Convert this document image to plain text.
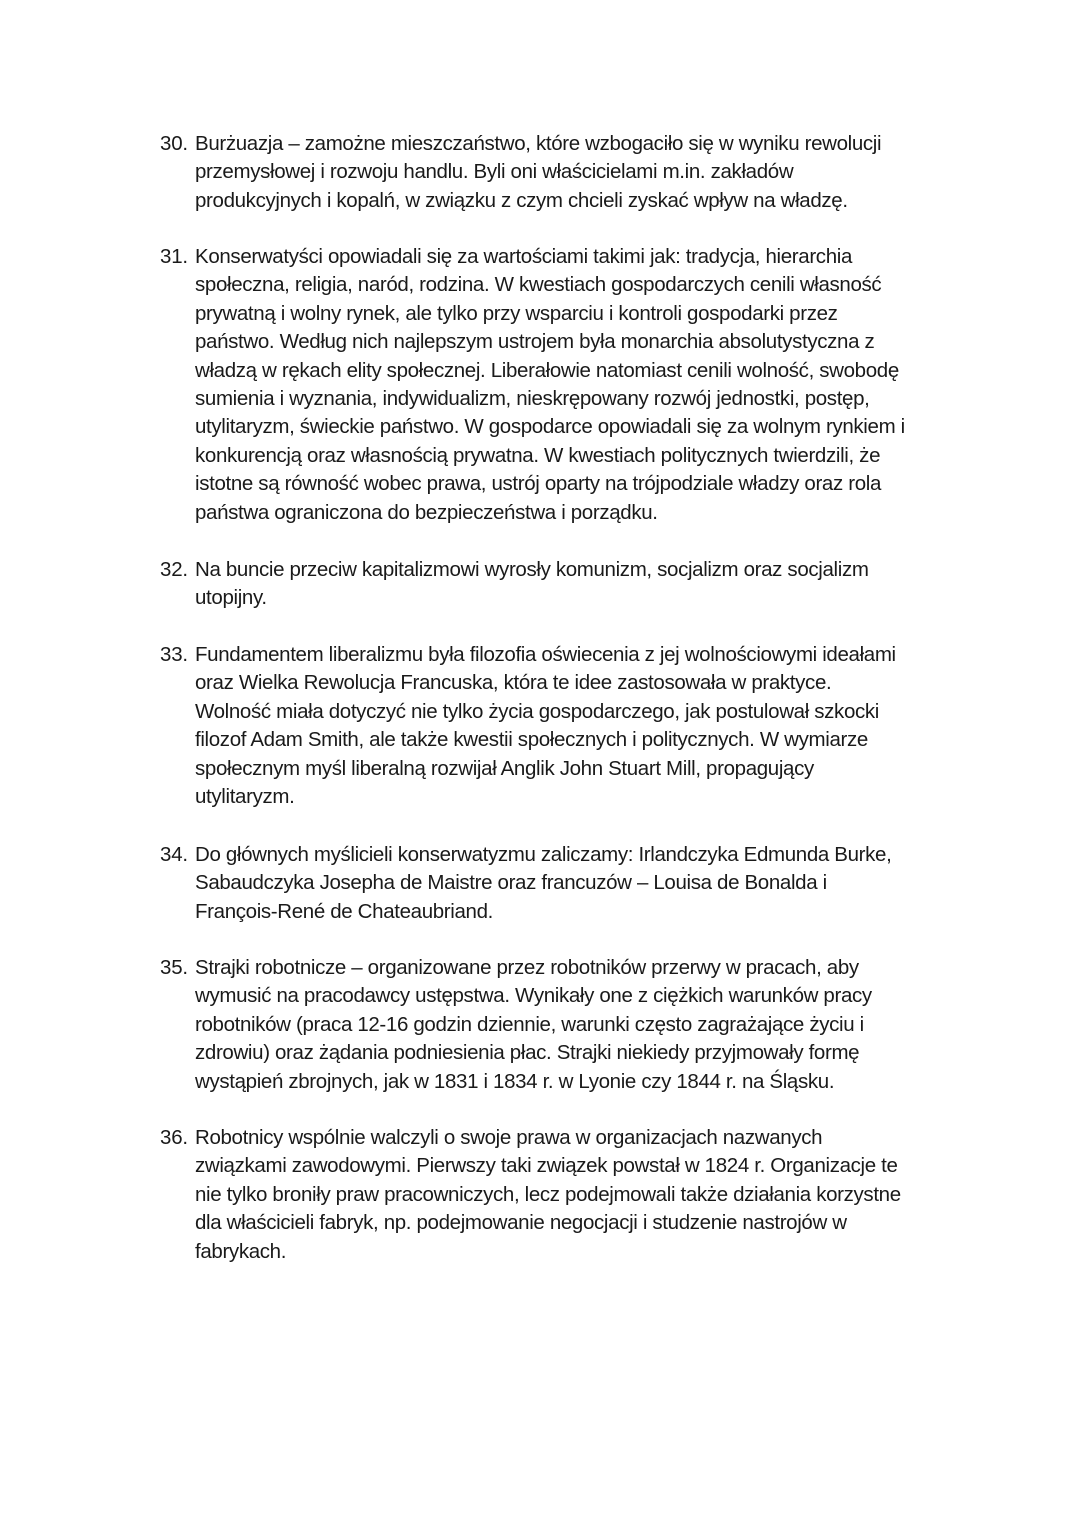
30. Burżuazja – zamożne mieszczaństwo, które wzbogaciło się w wyniku rewolucji
przemysłowej i rozwoju handlu. Byli oni właścicielami m.in. zakładów
produkcyjnych i kopalń, w związku z czym chcieli zyskać wpływ na władzę.
31. Konserwatyści opowiadali się za wartościami takimi jak: tradycja, hierarchia
społeczna, religia, naród, rodzina. W kwestiach gospodarczych cenili własność
prywatną i wolny rynek, ale tylko przy wsparciu i kontroli gospodarki przez
państwo. Według nich najlepszym ustrojem była monarchia absolutystyczna z
władzą w rękach elity społecznej. Liberałowie natomiast cenili wolność, swobodę
sumienia i wyznania, indywidualizm, nieskrępowany rozwój jednostki, postęp,
utylitaryzm, świeckie państwo. W gospodarce opowiadali się za wolnym rynkiem i
konkurencją oraz własnością prywatna. W kwestiach politycznych twierdzili, że
istotne są równość wobec prawa, ustrój oparty na trójpodziale władzy oraz rola
państwa ograniczona do bezpieczeństwa i porządku.
32. Na buncie przeciw kapitalizmowi wyrosły komunizm, socjalizm oraz socjalizm
utopijny.
33. Fundamentem liberalizmu była filozofia oświecenia z jej wolnościowymi ideałami
oraz Wielka Rewolucja Francuska, która te idee zastosowała w praktyce.
Wolność miała dotyczyć nie tylko życia gospodarczego, jak postulował szkocki
filozof Adam Smith, ale także kwestii społecznych i politycznych. W wymiarze
społecznym myśl liberalną rozwijał Anglik John Stuart Mill, propagujący
utylitaryzm.
34. Do głównych myślicieli konserwatyzmu zaliczamy: Irlandczyka Edmunda Burke,
Sabaudczyka Josepha de Maistre oraz francuzów – Louisa de Bonalda i
François-René de Chateaubriand.
35. Strajki robotnicze – organizowane przez robotników przerwy w pracach, aby
wymusić na pracodawcy ustępstwa. Wynikały one z ciężkich warunków pracy
robotników (praca 12-16 godzin dziennie, warunki często zagrażające życiu i
zdrowiu) oraz żądania podniesienia płac. Strajki niekiedy przyjmowały formę
wystąpień zbrojnych, jak w 1831 i 1834 r. w Lyonie czy 1844 r. na Śląsku.
36. Robotnicy wspólnie walczyli o swoje prawa w organizacjach nazwanych
związkami zawodowymi. Pierwszy taki związek powstał w 1824 r. Organizacje te
nie tylko broniły praw pracowniczych, lecz podejmowali także działania korzystne
dla właścicieli fabryk, np. podejmowanie negocjacji i studzenie nastrojów w
fabrykach.
